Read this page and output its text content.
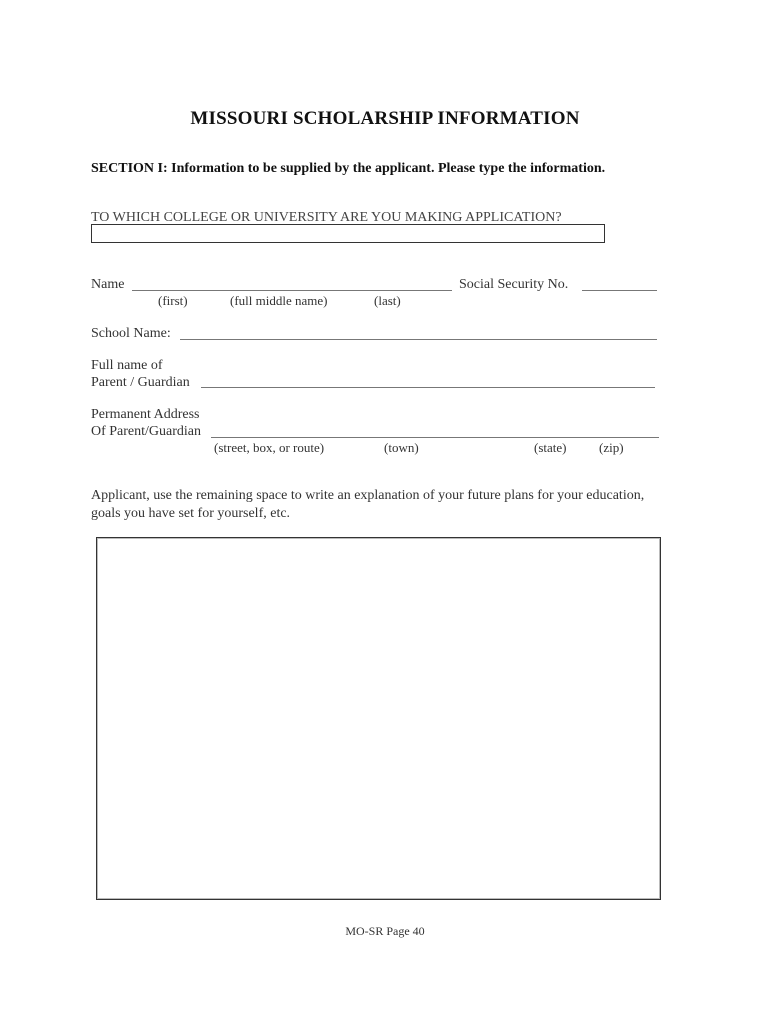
MISSOURI SCHOLARSHIP INFORMATION
SECTION I: Information to be supplied by the applicant. Please type the information.
TO WHICH COLLEGE OR UNIVERSITY ARE YOU MAKING APPLICATION?
Name	Social Security No.
(first)	(full middle name)	(last)
School Name:
Full name of
Parent / Guardian
Permanent Address
Of Parent/Guardian
(street, box, or route)	(town)	(state)	(zip)
Applicant, use the remaining space to write an explanation of your future plans for your education, goals you have set for yourself, etc.
MO-SR Page 40
